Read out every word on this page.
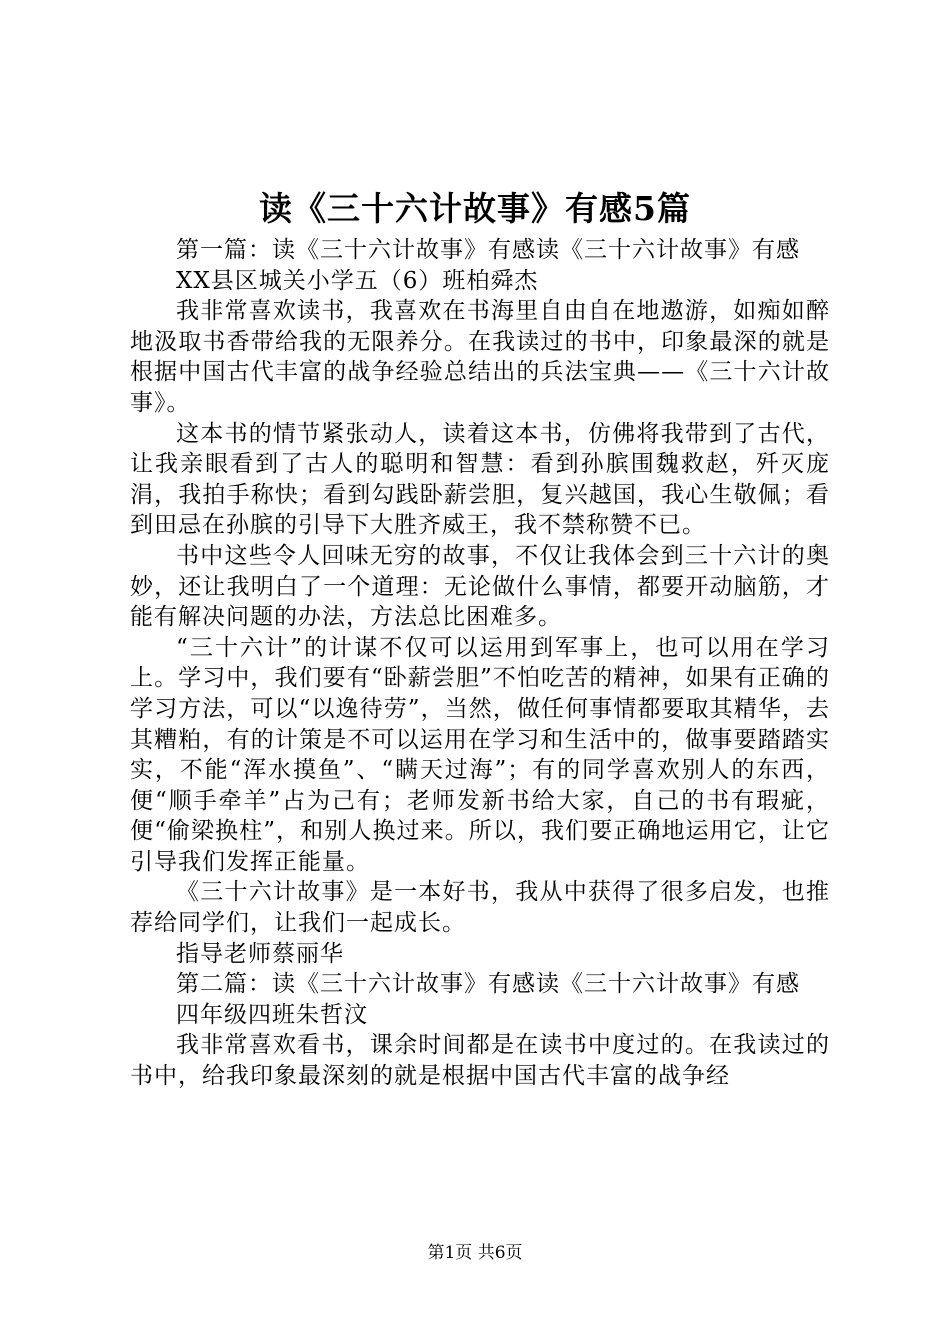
读《三十六计故事》有感5篇

第一篇：读《三十六计故事》有感读《三十六计故事》有感

XX县区城关小学五（6）班柏舜杰

我非常喜欢读书，我喜欢在书海里自由自在地遨游，如痴如醉地汲取书香带给我的无限养分。在我读过的书中，印象最深的就是根据中国古代丰富的战争经验总结出的兵法宝典——《三十六计故事》。

这本书的情节紧张动人，读着这本书，仿佛将我带到了古代，让我亲眼看到了古人的聪明和智慧：看到孙膑围魏救赵，歼灭庞涓，我拍手称快；看到勾践卧薪尝胆，复兴越国，我心生敬佩；看到田忌在孙膑的引导下大胜齐威王，我不禁称赞不已。

书中这些令人回味无穷的故事，不仅让我体会到三十六计的奥妙，还让我明白了一个道理：无论做什么事情，都要开动脑筋，才能有解决问题的办法，方法总比困难多。

“三十六计”的计谋不仅可以运用到军事上，也可以用在学习上。学习中，我们要有“卧薪尝胆”不怕吃苦的精神，如果有正确的学习方法，可以“以逸待劳”，当然，做任何事情都要取其精华，去其糟粕，有的计策是不可以运用在学习和生活中的，做事要踏踏实实，不能“浑水摸鱼”、“瞒天过海”；有的同学喜欢别人的东西，便“顺手牵羊”占为己有；老师发新书给大家，自己的书有瑕疵，便“偷梁换柱”，和别人换过来。所以，我们要正确地运用它，让它引导我们发挥正能量。

《三十六计故事》是一本好书，我从中获得了很多启发，也推荐给同学们，让我们一起成长。

指导老师蔡丽华

第二篇：读《三十六计故事》有感读《三十六计故事》有感

四年级四班朱哲汶

我非常喜欢看书，课余时间都是在读书中度过的。在我读过的书中，给我印象最深刻的就是根据中国古代丰富的战争经

第1页 共6页
